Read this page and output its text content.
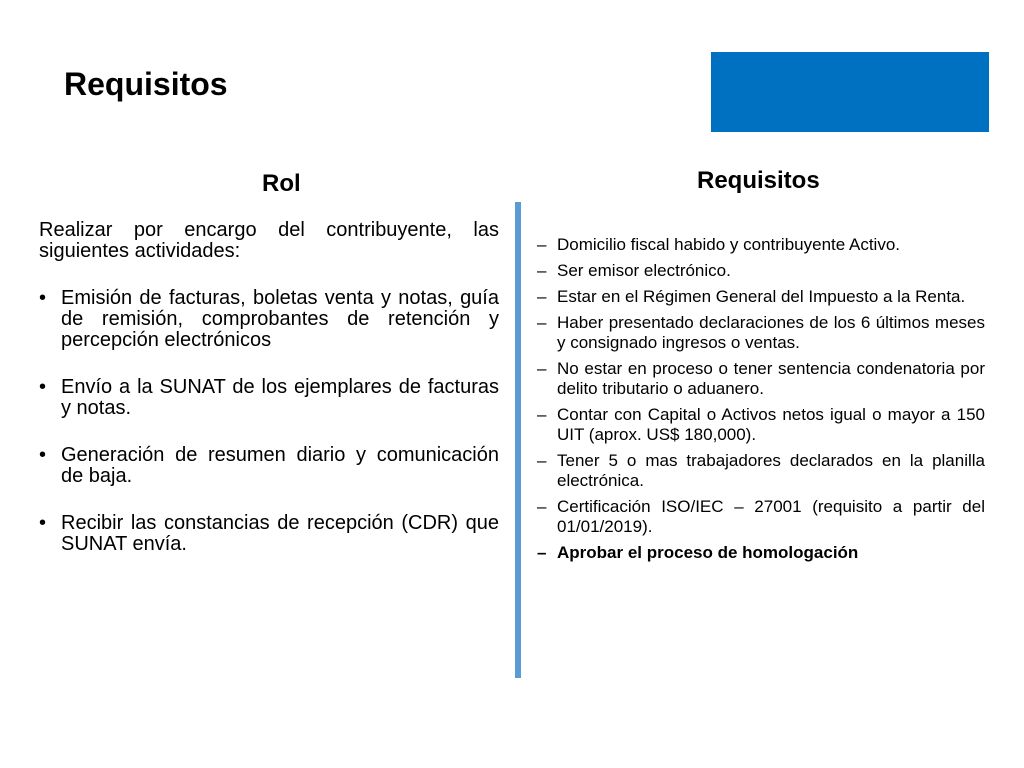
Requisitos
Rol	Requisitos

Realizar por encargo del contribuyente, las siguientes actividades:

• Emisión de facturas, boletas venta y notas, guía de remisión, comprobantes de retención y percepción electrónicos
• Envío a la SUNAT de los ejemplares de facturas y notas.
• Generación de resumen diario y comunicación de baja.
• Recibir las constancias de recepción (CDR) que SUNAT envía.
– Domicilio fiscal habido y contribuyente Activo.
– Ser emisor electrónico.
– Estar en el Régimen General del Impuesto a la Renta.
– Haber presentado declaraciones de los 6 últimos meses y consignado ingresos o ventas.
– No estar en proceso o tener sentencia condenatoria por delito tributario o aduanero.
– Contar con Capital o Activos netos igual o mayor a 150 UIT (aprox. US$ 180,000).
– Tener 5 o mas trabajadores declarados en la planilla electrónica.
– Certificación ISO/IEC – 27001 (requisito a partir del 01/01/2019).
– Aprobar el proceso de homologación
